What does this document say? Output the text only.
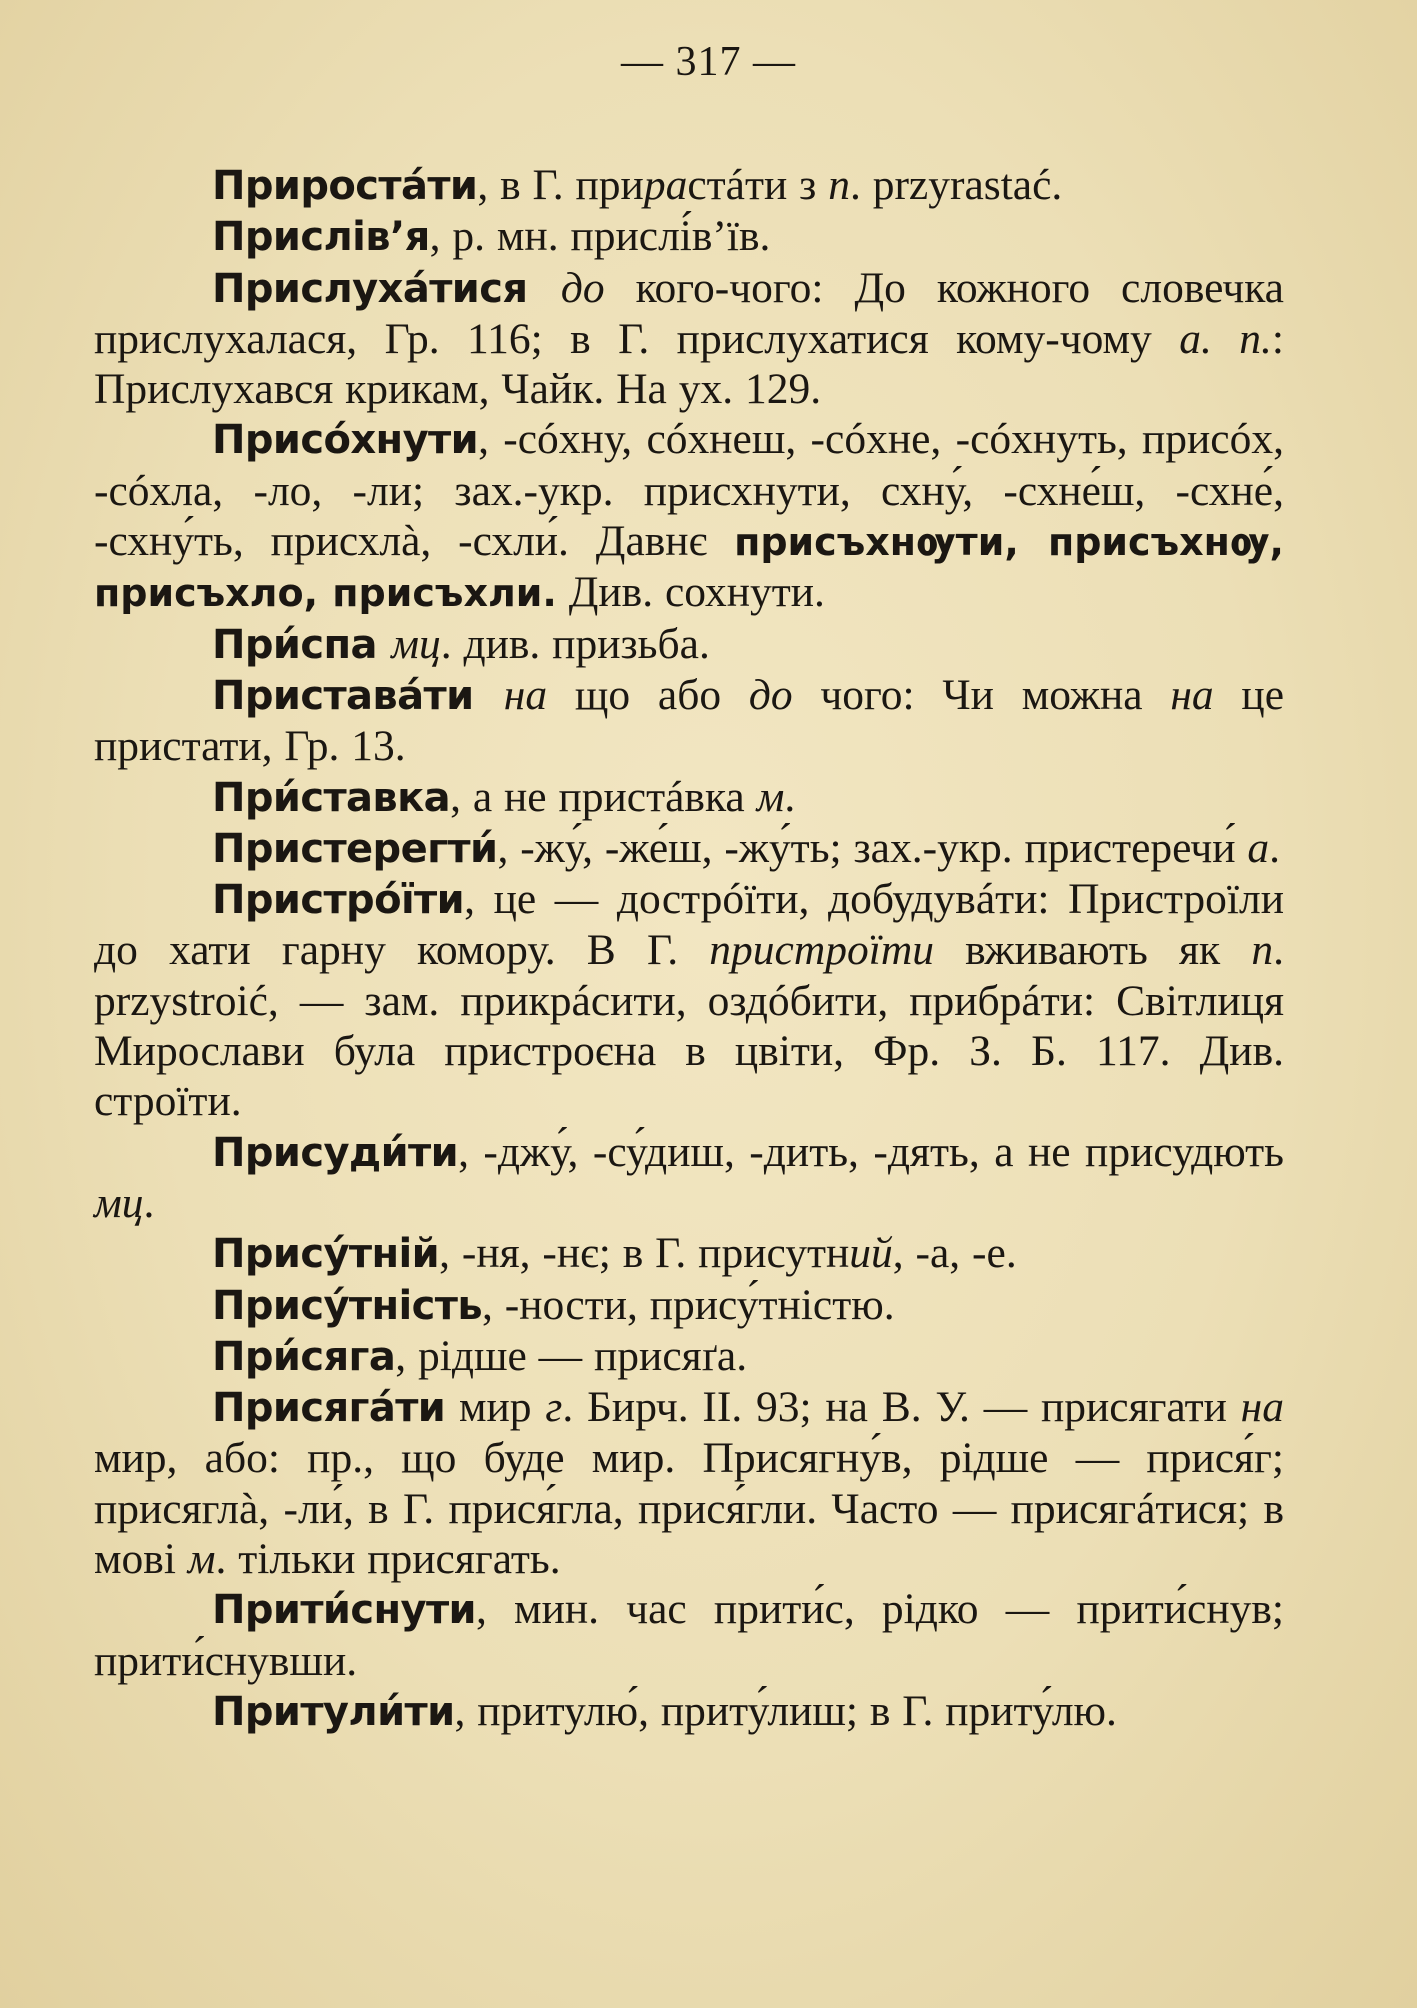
— 317 —

Приростáти, в Г. прирастáти з п. przyrastać.

Прислів’я, р. мн. прислі́в’їв.

Прислухáтися до кого-чого: До кожного словечка прислухалася, Гр. 116; в Г. прислухатися кому-чому а. п.: Прислухався крикам, Чайк. На ух. 129.

Присóхнути, -сóхну, сóхнеш, -сóхне, -сóхнуть, присóх, -сóхла, -ло, -ли; зах.-укр. присхнути, схну́, -схне́ш, -схне́, -схну́ть, присхлà, -схли́. Давнє присъхнѹти, присъхнѹ, присъхло, присъхли. Див. сохнути.

При́спа мц. див. призьба.

Приставáти на що або до чого: Чи можна на це пристати, Гр. 13.

При́ставка, а не пристáвка м.

Пристерегти́, -жу́, -же́ш, -жу́ть; зах.-укр. пристеречи́ а.

Пристрóїти, це — дострóїти, добудувáти: Пристроїли до хати гарну комору. В Г. пристроїти вживають як п. przystroić, — зам. прикрáсити, оздóбити, прибрáти: Світлиця Мирослави була пристроєна в цвіти, Фр. З. Б. 117. Див. строїти.

Присуди́ти, -джу́, -су́диш, -дить, -дять, а не присудють мц.

Прису́тній, -ня, -нє; в Г. присутний, -а, -е.

Прису́тність, -ности, прису́тністю.

При́сяга, рідше — присяґа.

Присягáти мир г. Бирч. II. 93; на В. У. — присягати на мир, або: пр., що буде мир. Присягну́в, рідше — прися́г; присяглà, -ли́, в Г. прися́гла, прися́гли. Часто — присягáтися; в мові м. тільки присягать.

Прити́снути, мин. час прити́с, рідко — прити́снув; прити́снувши.

Притули́ти, притулю́, приту́лиш; в Г. приту́лю.
